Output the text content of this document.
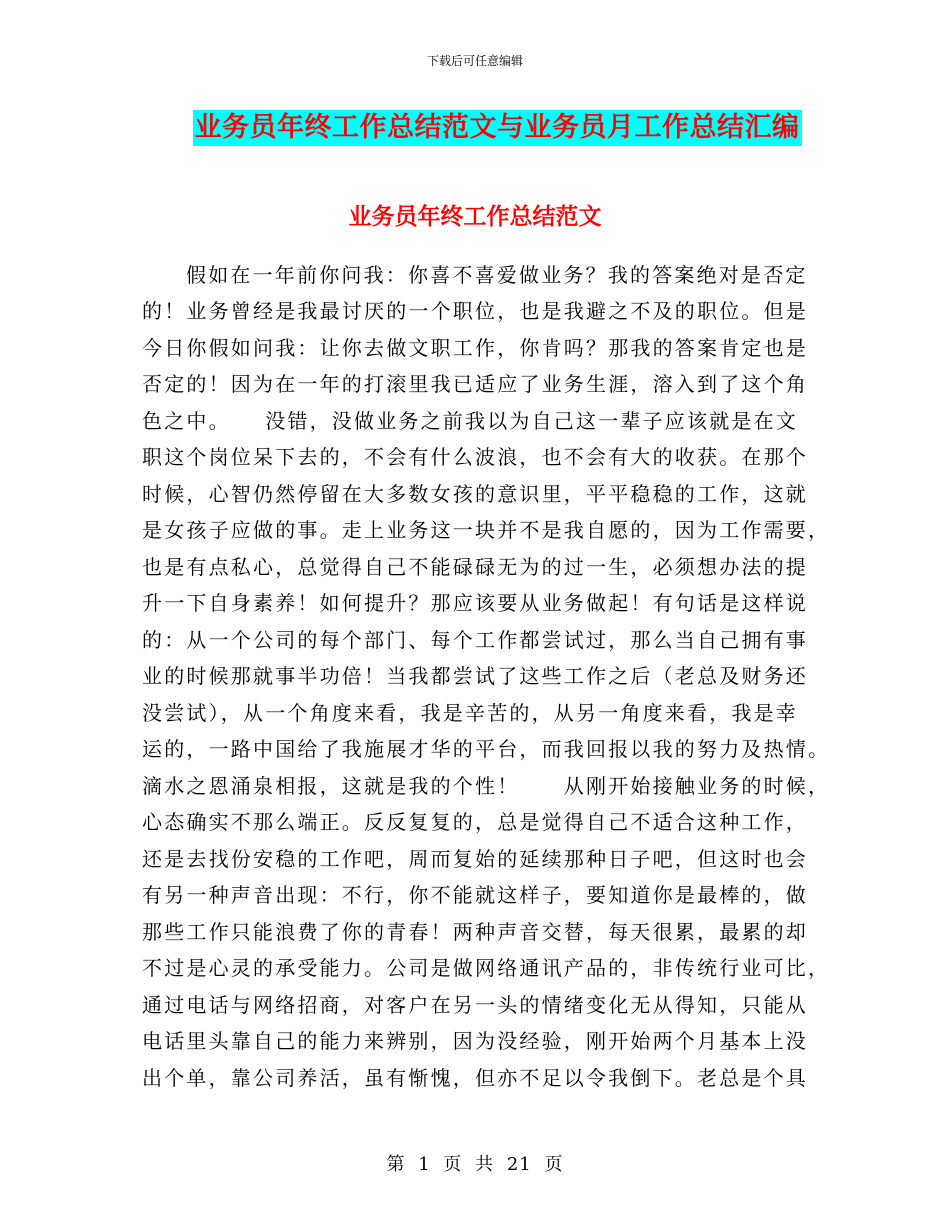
下载后可任意编辑
业务员年终工作总结范文与业务员月工作总结汇编
业务员年终工作总结范文
假如在一年前你问我：你喜不喜爱做业务？我的答案绝对是否定
的！业务曾经是我最讨厌的一个职位，也是我避之不及的职位。但是
今日你假如问我：让你去做文职工作，你肯吗？那我的答案肯定也是
否定的！因为在一年的打滚里我已适应了业务生涯，溶入到了这个角
色之中。　　没错，没做业务之前我以为自己这一辈子应该就是在文
职这个岗位呆下去的，不会有什么波浪，也不会有大的收获。在那个
时候，心智仍然停留在大多数女孩的意识里，平平稳稳的工作，这就
是女孩子应做的事。走上业务这一块并不是我自愿的，因为工作需要，
也是有点私心，总觉得自己不能碌碌无为的过一生，必须想办法的提
升一下自身素养！如何提升？那应该要从业务做起！有句话是这样说
的：从一个公司的每个部门、每个工作都尝试过，那么当自己拥有事
业的时候那就事半功倍！当我都尝试了这些工作之后（老总及财务还
没尝试），从一个角度来看，我是辛苦的，从另一角度来看，我是幸
运的，一路中国给了我施展才华的平台，而我回报以我的努力及热情。
滴水之恩涌泉相报，这就是我的个性！　　从刚开始接触业务的时候，
心态确实不那么端正。反反复复的，总是觉得自己不适合这种工作，
还是去找份安稳的工作吧，周而复始的延续那种日子吧，但这时也会
有另一种声音出现：不行，你不能就这样子，要知道你是最棒的，做
那些工作只能浪费了你的青春！两种声音交替，每天很累，最累的却
不过是心灵的承受能力。公司是做网络通讯产品的，非传统行业可比，
通过电话与网络招商，对客户在另一头的情绪变化无从得知，只能从
电话里头靠自己的能力来辨别，因为没经验，刚开始两个月基本上没
出个单，靠公司养活，虽有惭愧，但亦不足以令我倒下。老总是个具
第 1 页 共 21 页
